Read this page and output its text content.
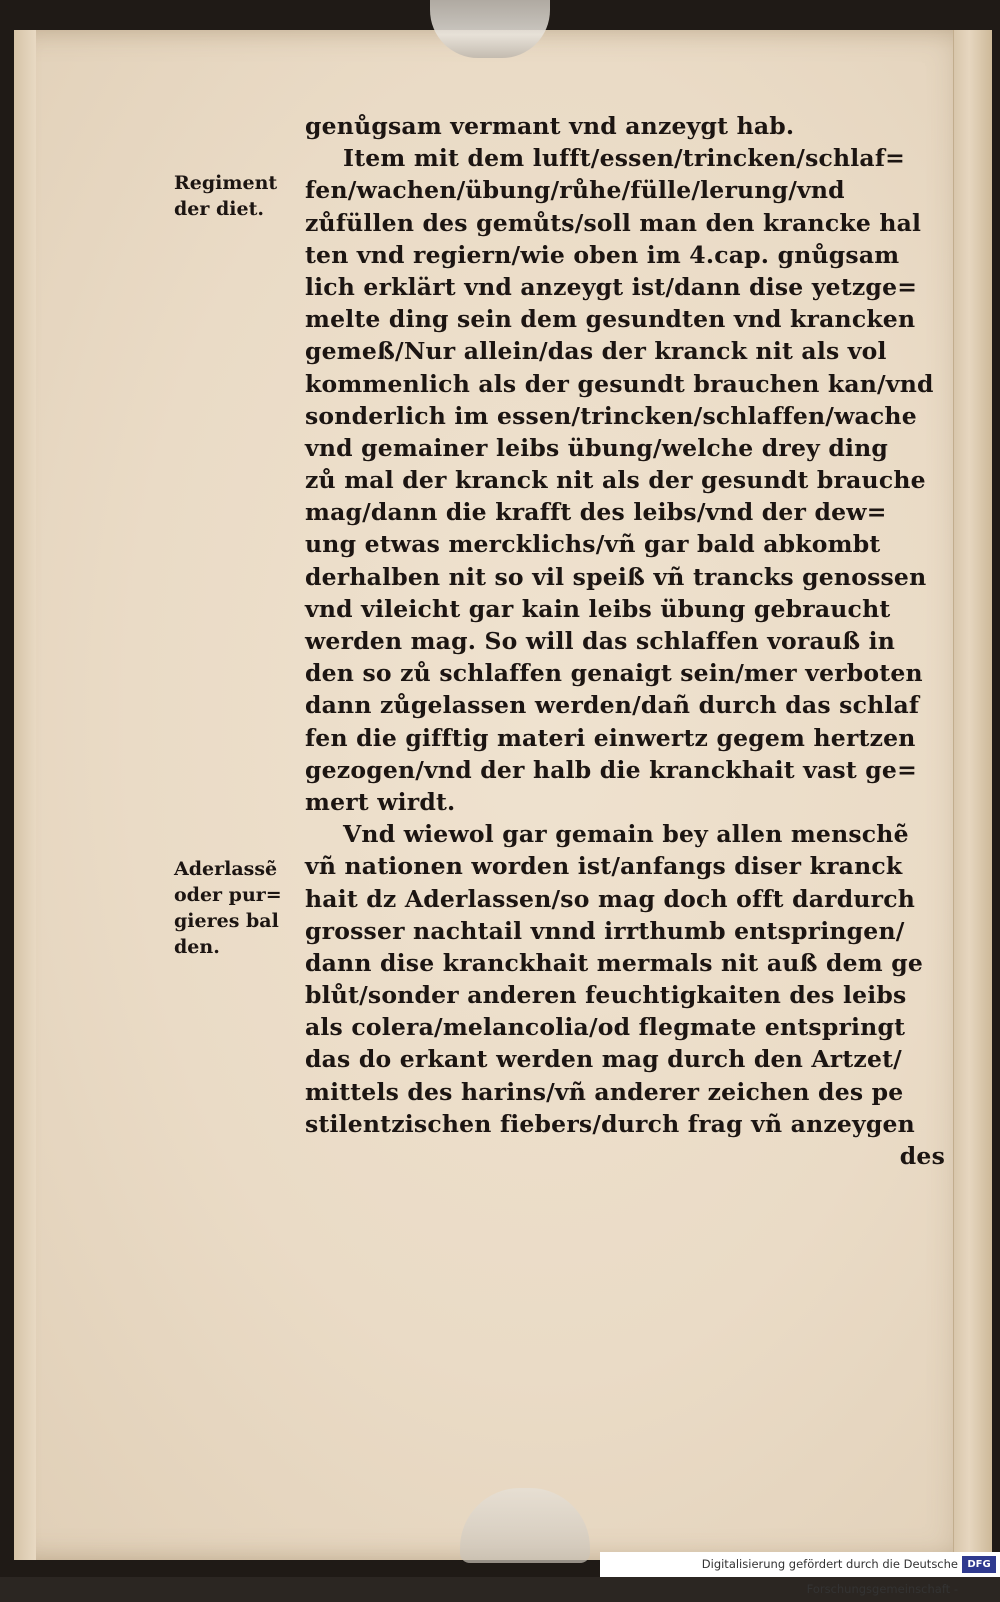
Regiment
der diet.
Aderlassẽ
oder pur=
gieres bal
den.
genůgsam vermant vnd anzeygt hab.
Item mit dem lufft/essen/trincken/schlaf=
fen/wachen/übung/růhe/fülle/lerung/vnd
zůfüllen des gemůts/soll man den krancke hal
ten vnd regiern/wie oben im 4.cap. gnůgsam
lich erklärt vnd anzeygt ist/dann dise yetzge=
melte ding sein dem gesundten vnd krancken
gemeß/Nur allein/das der kranck nit als vol
kommenlich als der gesundt brauchen kan/vnd
sonderlich im essen/trincken/schlaffen/wache
vnd gemainer leibs übung/welche drey ding
zů mal der kranck nit als der gesundt brauche
mag/dann die krafft des leibs/vnd der dew=
ung etwas mercklichs/vñ gar bald abkombt
derhalben nit so vil speiß vñ trancks genossen
vnd vileicht gar kain leibs übung gebraucht
werden mag. So will das schlaffen vorauß in
den so zů schlaffen genaigt sein/mer verboten
dann zůgelassen werden/dañ durch das schlaf
fen die gifftig materi einwertz gegem hertzen
gezogen/vnd der halb die kranckhait vast ge=
mert wirdt.
Vnd wiewol gar gemain bey allen menschẽ
vñ nationen worden ist/anfangs diser kranck
hait dz Aderlassen/so mag doch offt dardurch
grosser nachtail vnnd irrthumb entspringen/
dann dise kranckhait mermals nit auß dem ge
blůt/sonder anderen feuchtigkaiten des leibs
als colera/melancolia/od flegmate entspringt
das do erkant werden mag durch den Artzet/
mittels des harins/vñ anderer zeichen des pe
stilentzischen fiebers/durch frag vñ anzeygen
des
Digitalisierung gefördert durch die Deutsche Forschungsgemeinschaft -
DFG
